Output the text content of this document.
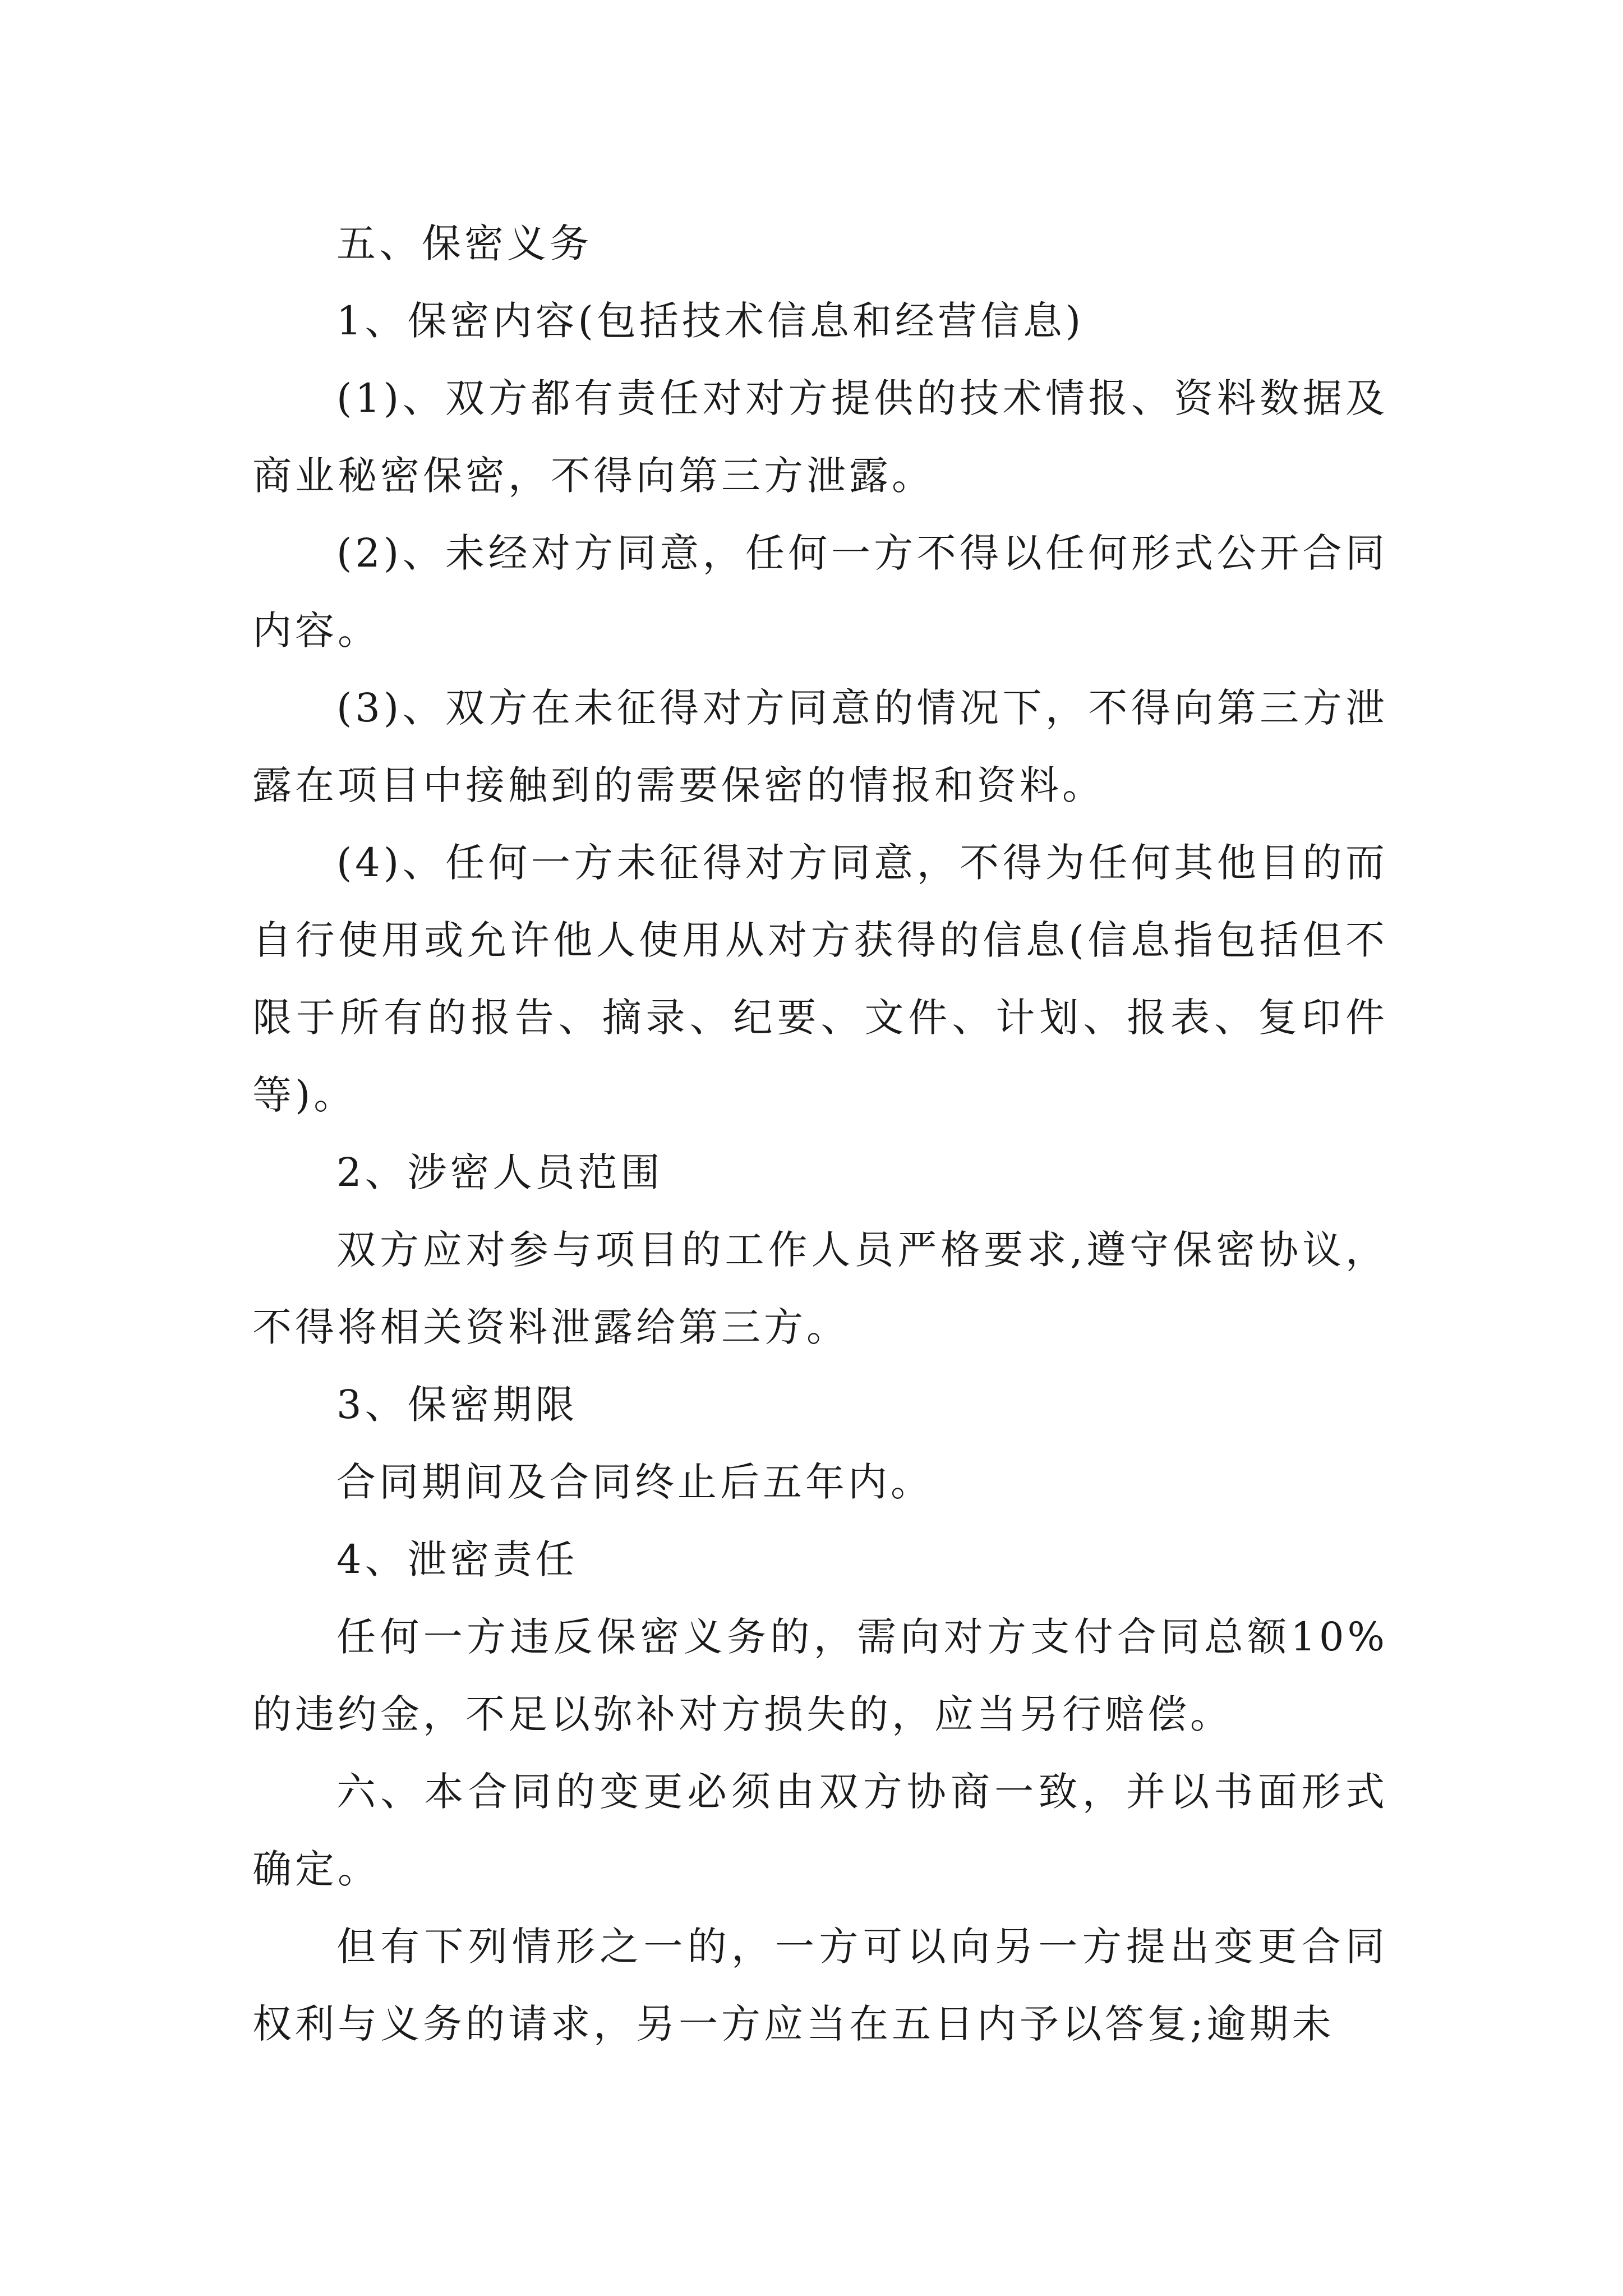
五、保密义务

1、保密内容(包括技术信息和经营信息)

(1)、双方都有责任对对方提供的技术情报、资料数据及商业秘密保密，不得向第三方泄露。

(2)、未经对方同意，任何一方不得以任何形式公开合同内容。

(3)、双方在未征得对方同意的情况下，不得向第三方泄露在项目中接触到的需要保密的情报和资料。

(4)、任何一方未征得对方同意，不得为任何其他目的而自行使用或允许他人使用从对方获得的信息(信息指包括但不限于所有的报告、摘录、纪要、文件、计划、报表、复印件等)。

2、涉密人员范围

双方应对参与项目的工作人员严格要求,遵守保密协议，不得将相关资料泄露给第三方。

3、保密期限

合同期间及合同终止后五年内。

4、泄密责任

任何一方违反保密义务的，需向对方支付合同总额10%的违约金，不足以弥补对方损失的，应当另行赔偿。

六、本合同的变更必须由双方协商一致，并以书面形式确定。

但有下列情形之一的，一方可以向另一方提出变更合同权利与义务的请求，另一方应当在五日内予以答复;逾期未
